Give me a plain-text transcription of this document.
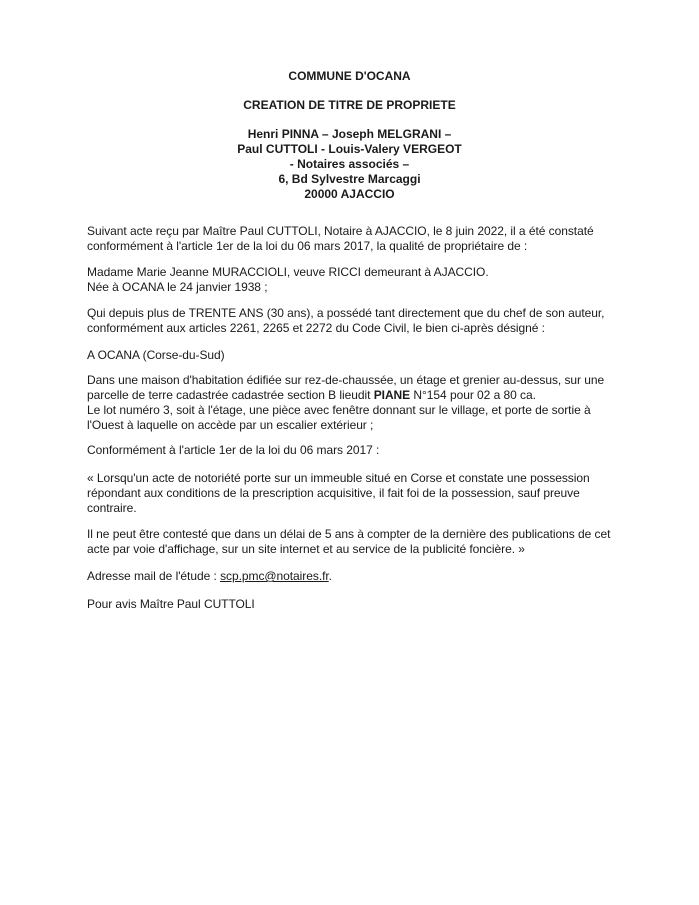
COMMUNE D'OCANA
CREATION DE TITRE DE PROPRIETE
Henri PINNA – Joseph MELGRANI –
Paul CUTTOLI - Louis-Valery VERGEOT
- Notaires associés –
6, Bd Sylvestre Marcaggi
20000 AJACCIO

Suivant acte reçu par Maître Paul CUTTOLI, Notaire à AJACCIO, le 8 juin 2022, il a été constaté conformément à l'article 1er de la loi du 06 mars 2017, la qualité de propriétaire de :

Madame Marie Jeanne MURACCIOLI, veuve RICCI demeurant à AJACCIO.

Née à OCANA le 24 janvier 1938 ;

Qui depuis plus de TRENTE ANS (30 ans), a possédé tant directement que du chef de son auteur, conformément aux articles 2261, 2265 et 2272 du Code Civil, le bien ci-après désigné :

A OCANA (Corse-du-Sud)

Dans une maison d'habitation édifiée sur rez-de-chaussée, un étage et grenier au-dessus, sur une parcelle de terre cadastrée cadastrée section B lieudit PIANE N°154 pour 02 a 80 ca.

Le lot numéro 3, soit à l'étage, une pièce avec fenêtre donnant sur le village, et porte de sortie à l'Ouest à laquelle on accède par un escalier extérieur ;

Conformément à l'article 1er de la loi du 06 mars 2017 :

« Lorsqu'un acte de notoriété porte sur un immeuble situé en Corse et constate une possession répondant aux conditions de la prescription acquisitive, il fait foi de la possession, sauf preuve contraire.

Il ne peut être contesté que dans un délai de 5 ans à compter de la dernière des publications de cet acte par voie d'affichage, sur un site internet et au service de la publicité foncière. »

Adresse mail de l'étude : scp.pmc@notaires.fr.

Pour avis Maître Paul CUTTOLI
